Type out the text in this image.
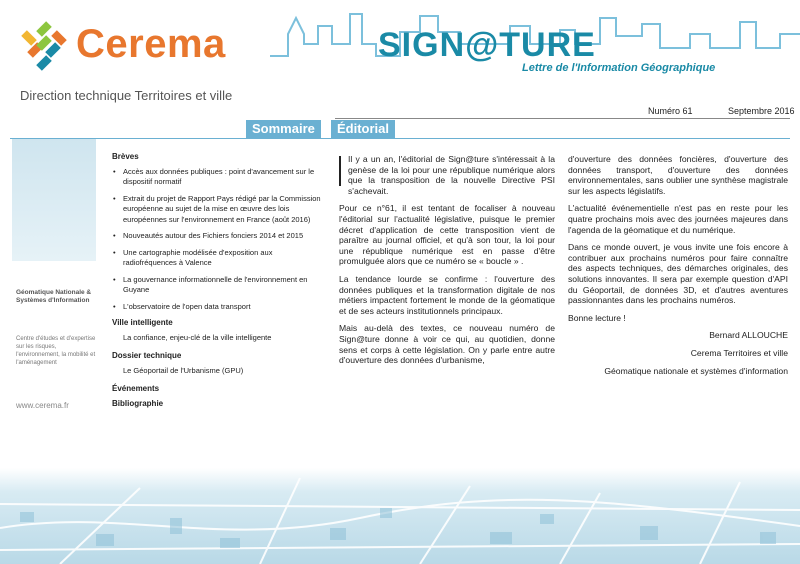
Cerema
Direction technique Territoires et ville
SIGN@TURE
Lettre de l'Information Géographique
Numéro 61	Septembre 2016
Sommaire	Éditorial
Géomatique Nationale & Systèmes d'Information
Centre d'études et d'expertise sur les risques, l'environnement, la mobilité et l'aménagement
www.cerema.fr
Brèves
• Accès aux données publiques : point d'avancement sur le dispositif normatif
• Extrait du projet de Rapport Pays rédigé par la Commission européenne au sujet de la mise en œuvre des lois européennes sur l'environnement en France (août 2016)
• Nouveautés autour des Fichiers fonciers 2014 et 2015
• Une cartographie modélisée d'exposition aux radiofréquences à Valence
• La gouvernance informationnelle de l'environnement en Guyane
• L'observatoire de l'open data transport
Ville intelligente
La confiance, enjeu-clé de la ville intelligente
Dossier technique
Le Géoportail de l'Urbanisme (GPU)
Événements
Bibliographie

Il y a un an, l'éditorial de Sign@ture s'intéressait à la genèse de la loi pour une république numérique alors que la transposition de la nouvelle Directive PSI s'achevait.

Pour ce n°61, il est tentant de focaliser à nouveau l'éditorial sur l'actualité législative, puisque le premier décret d'application de cette transposition vient de paraître au journal officiel, et qu'à son tour, la loi pour une république numérique est en passe d'être promulguée alors que ce numéro se « boucle » .

La tendance lourde se confirme : l'ouverture des données publiques et la transformation digitale de nos métiers impactent fortement le monde de la géomatique et de ses acteurs institutionnels principaux.

Mais au-delà des textes, ce nouveau numéro de Sign@ture donne à voir ce qui, au quotidien, donne sens et corps à cette législation. On y parle entre autre d'ouverture des données d'urbanisme,

d'ouverture des données foncières, d'ouverture des données transport, d'ouverture des données environnementales, sans oublier une synthèse magistrale sur les aspects législatifs.

L'actualité événementielle n'est pas en reste pour les quatre prochains mois avec des journées majeures dans l'agenda de la géomatique et du numérique.

Dans ce monde ouvert, je vous invite une fois encore à contribuer aux prochains numéros pour faire connaître des aspects techniques, des démarches originales, des solutions innovantes. Il sera par exemple question d'API du Géoportail, de données 3D, et d'autres aventures passionnantes dans les prochains numéros.

Bonne lecture !

Bernard ALLOUCHE

Cerema Territoires et ville

Géomatique nationale et systèmes d'information
